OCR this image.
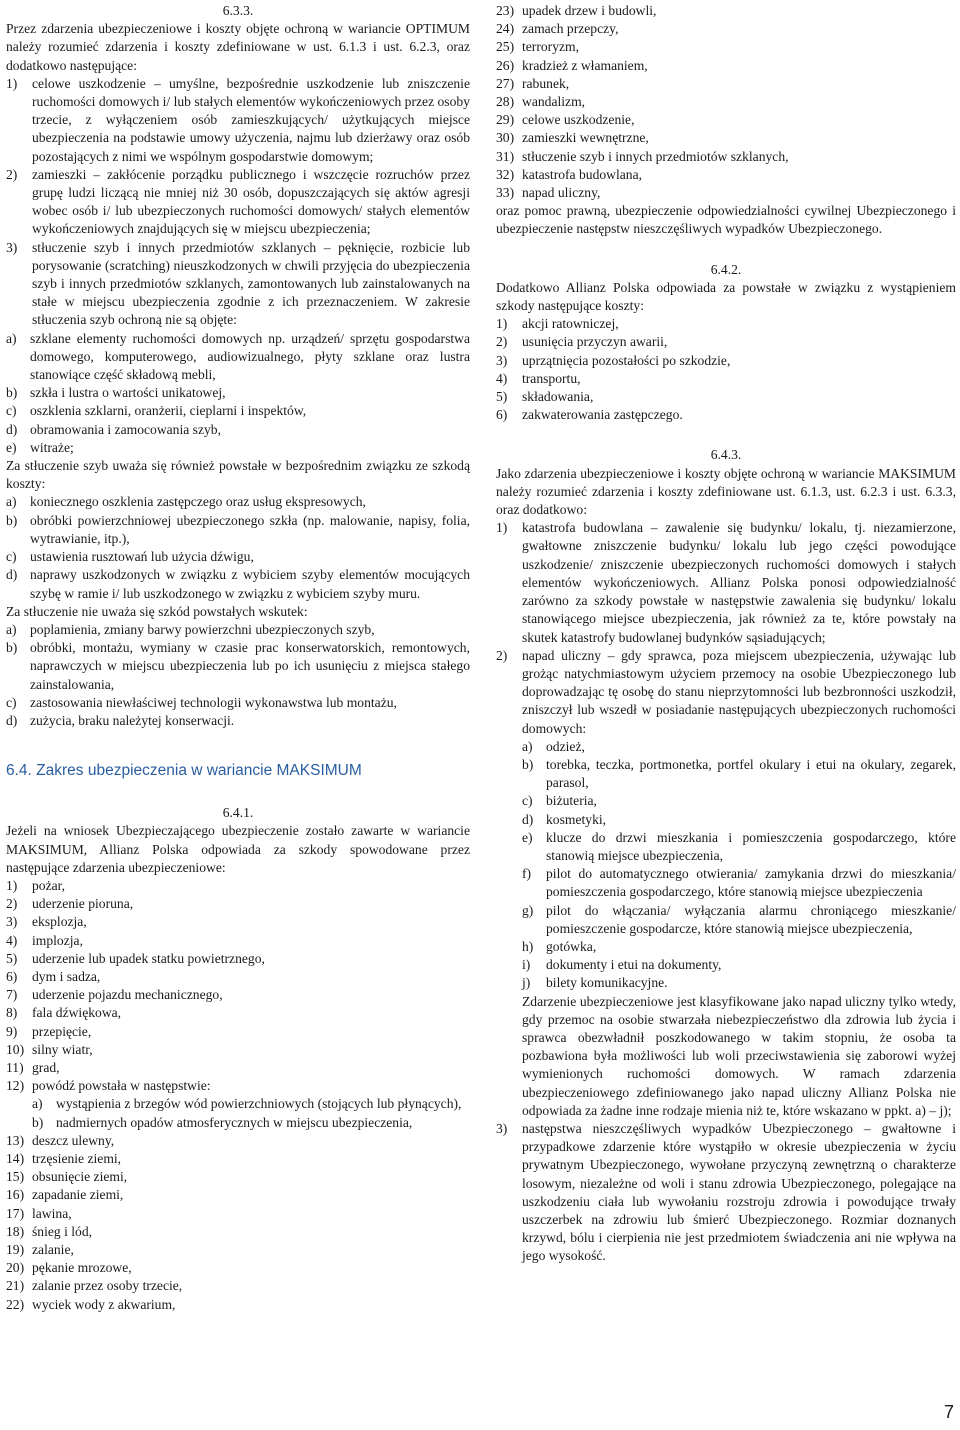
6.3.3.

Przez zdarzenia ubezpieczeniowe i koszty objęte ochroną w wariancie OPTIMUM należy rozumieć zdarzenia i koszty zdefiniowane w ust. 6.1.3 i ust. 6.2.3, oraz dodatkowo następujące:

1) celowe uszkodzenie – umyślne, bezpośrednie uszkodzenie lub zniszczenie ruchomości domowych i/ lub stałych elementów wykończeniowych przez osoby trzecie, z wyłączeniem osób zamieszkujących/ użytkujących miejsce ubezpieczenia na podstawie umowy użyczenia, najmu lub dzierżawy oraz osób pozostających z nimi we wspólnym gospodarstwie domowym;
2) zamieszki – zakłócenie porządku publicznego i wszczęcie rozruchów przez grupę ludzi liczącą nie mniej niż 30 osób, dopuszczających się aktów agresji wobec osób i/ lub ubezpieczonych ruchomości domowych/ stałych elementów wykończeniowych znajdujących się w miejscu ubezpieczenia;
3) stłuczenie szyb i innych przedmiotów szklanych – pęknięcie, rozbicie lub porysowanie (scratching) nieuszkodzonych w chwili przyjęcia do ubezpieczenia szyb i innych przedmiotów szklanych, zamontowanych lub zainstalowanych na stałe w miejscu ubezpieczenia zgodnie z ich przeznaczeniem. W zakresie stłuczenia szyb ochroną nie są objęte:
a) szklane elementy ruchomości domowych np. urządzeń/ sprzętu gospodarstwa domowego, komputerowego, audiowizualnego, płyty szklane oraz lustra stanowiące część składową mebli,
b) szkła i lustra o wartości unikatowej,
c) oszklenia szklarni, oranżerii, cieplarni i inspektów,
d) obramowania i zamocowania szyb,
e) witraże;

Za stłuczenie szyb uważa się również powstałe w bezpośrednim związku ze szkodą koszty:

a) koniecznego oszklenia zastępczego oraz usług ekspresowych,
b) obróbki powierzchniowej ubezpieczonego szkła (np. malowanie, napisy, folia, wytrawianie, itp.),
c) ustawienia rusztowań lub użycia dźwigu,
d) naprawy uszkodzonych w związku z wybiciem szyby elementów mocujących szybę w ramie i/ lub uszkodzonego w związku z wybiciem szyby muru.

Za stłuczenie nie uważa się szkód powstałych wskutek:

a) poplamienia, zmiany barwy powierzchni ubezpieczonych szyb,
b) obróbki, montażu, wymiany w czasie prac konserwatorskich, remontowych, naprawczych w miejscu ubezpieczenia lub po ich usunięciu z miejsca stałego zainstalowania,
c) zastosowania niewłaściwej technologii wykonawstwa lub montażu,
d) zużycia, braku należytej konserwacji.
6.4. Zakres ubezpieczenia w wariancie MAKSIMUM
6.4.1.

Jeżeli na wniosek Ubezpieczającego ubezpieczenie zostało zawarte w wariancie MAKSIMUM, Allianz Polska odpowiada za szkody spowodowane przez następujące zdarzenia ubezpieczeniowe:

1) pożar,
2) uderzenie pioruna,
3) eksplozja,
4) implozja,
5) uderzenie lub upadek statku powietrznego,
6) dym i sadza,
7) uderzenie pojazdu mechanicznego,
8) fala dźwiękowa,
9) przepięcie,
10) silny wiatr,
11) grad,
12) powódź powstała w następstwie:
a) wystąpienia z brzegów wód powierzchniowych (stojących lub płynących),
b) nadmiernych opadów atmosferycznych w miejscu ubezpieczenia,
13) deszcz ulewny,
14) trzęsienie ziemi,
15) obsunięcie ziemi,
16) zapadanie ziemi,
17) lawina,
18) śnieg i lód,
19) zalanie,
20) pękanie mrozowe,
21) zalanie przez osoby trzecie,
22) wyciek wody z akwarium,
23) upadek drzew i budowli,
24) zamach przepczy,
25) terroryzm,
26) kradzież z włamaniem,
27) rabunek,
28) wandalizm,
29) celowe uszkodzenie,
30) zamieszki wewnętrzne,
31) stłuczenie szyb i innych przedmiotów szklanych,
32) katastrofa budowlana,
33) napad uliczny,

oraz pomoc prawną, ubezpieczenie odpowiedzialności cywilnej Ubezpieczonego i ubezpieczenie następstw nieszczęśliwych wypadków Ubezpieczonego.

6.4.2.

Dodatkowo Allianz Polska odpowiada za powstałe w związku z wystąpieniem szkody następujące koszty:

1) akcji ratowniczej,
2) usunięcia przyczyn awarii,
3) uprzątnięcia pozostałości po szkodzie,
4) transportu,
5) składowania,
6) zakwaterowania zastępczego.
6.4.3.

Jako zdarzenia ubezpieczeniowe i koszty objęte ochroną w wariancie MAKSIMUM należy rozumieć zdarzenia i koszty zdefiniowane ust. 6.1.3, ust. 6.2.3 i ust. 6.3.3, oraz dodatkowo:

1) katastrofa budowlana – zawalenie się budynku/ lokalu, tj. niezamierzone, gwałtowne zniszczenie budynku/ lokalu lub jego części powodujące uszkodzenie/ zniszczenie ubezpieczonych ruchomości domowych i stałych elementów wykończeniowych. Allianz Polska ponosi odpowiedzialność zarówno za szkody powstałe w następstwie zawalenia się budynku/ lokalu stanowiącego miejsce ubezpieczenia, jak również za te, które powstały na skutek katastrofy budowlanej budynków sąsiadujących;
2) napad uliczny – gdy sprawca, poza miejscem ubezpieczenia, używając lub grożąc natychmiastowym użyciem przemocy na osobie Ubezpieczonego lub doprowadzając tę osobę do stanu nieprzytomności lub bezbronności uszkodził, zniszczył lub wszedł w posiadanie następujących ubezpieczonych ruchomości domowych:
a) odzież,
b) torebka, teczka, portmonetka, portfel okulary i etui na okulary, zegarek, parasol,
c) biżuteria,
d) kosmetyki,
e) klucze do drzwi mieszkania i pomieszczenia gospodarczego, które stanowią miejsce ubezpieczenia,
f) pilot do automatycznego otwierania/ zamykania drzwi do mieszkania/ pomieszczenia gospodarczego, które stanowią miejsce ubezpieczenia
g) pilot do włączania/ wyłączania alarmu chroniącego mieszkanie/ pomieszczenie gospodarcze, które stanowią miejsce ubezpieczenia,
h) gotówka,
i) dokumenty i etui na dokumenty,
j) bilety komunikacyjne.

Zdarzenie ubezpieczeniowe jest klasyfikowane jako napad uliczny tylko wtedy, gdy przemoc na osobie stwarzała niebezpieczeństwo dla zdrowia lub życia i sprawca obezwładnił poszkodowanego w takim stopniu, że osoba ta pozbawiona była możliwości lub woli przeciwstawienia się zaborowi wyżej wymienionych ruchomości domowych. W ramach zdarzenia ubezpieczeniowego zdefiniowanego jako napad uliczny Allianz Polska nie odpowiada za żadne inne rodzaje mienia niż te, które wskazano w ppkt. a) – j);

3) następstwa nieszczęśliwych wypadków Ubezpieczonego – gwałtowne i przypadkowe zdarzenie które wystąpiło w okresie ubezpieczenia w życiu prywatnym Ubezpieczonego, wywołane przyczyną zewnętrzną o charakterze losowym, niezależne od woli i stanu zdrowia Ubezpieczonego, polegające na uszkodzeniu ciała lub wywołaniu rozstroju zdrowia i powodujące trwały uszczerbek na zdrowiu lub śmierć Ubezpieczonego. Rozmiar doznanych krzywd, bólu i cierpienia nie jest przedmiotem świadczenia ani nie wpływa na jego wysokość.
7
